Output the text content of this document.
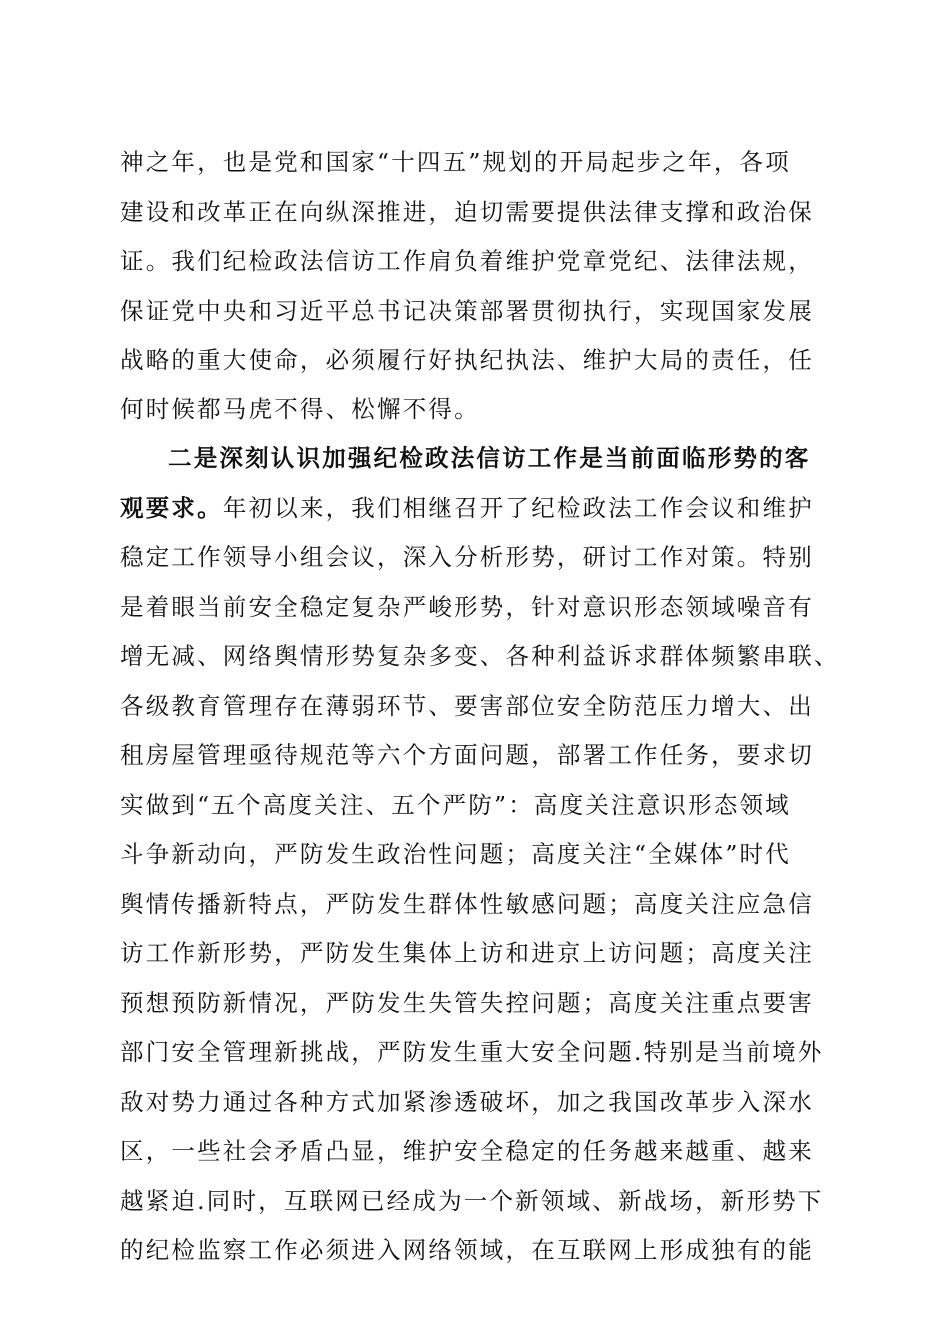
神之年，也是党和国家“十四五”规划的开局起步之年，各项
建设和改革正在向纵深推进，迫切需要提供法律支撑和政治保
证。我们纪检政法信访工作肩负着维护党章党纪、法律法规，
保证党中央和习近平总书记决策部署贯彻执行，实现国家发展
战略的重大使命，必须履行好执纪执法、维护大局的责任，任
何时候都马虎不得、松懈不得。
二是深刻认识加强纪检政法信访工作是当前面临形势的客
观要求。年初以来，我们相继召开了纪检政法工作会议和维护
稳定工作领导小组会议，深入分析形势，研讨工作对策。特别
是着眼当前安全稳定复杂严峻形势，针对意识形态领域噪音有
增无减、网络舆情形势复杂多变、各种利益诉求群体频繁串联、
各级教育管理存在薄弱环节、要害部位安全防范压力增大、出
租房屋管理亟待规范等六个方面问题，部署工作任务，要求切
实做到“五个高度关注、五个严防”：高度关注意识形态领域
斗争新动向，严防发生政治性问题；高度关注“全媒体”时代
舆情传播新特点，严防发生群体性敏感问题；高度关注应急信
访工作新形势，严防发生集体上访和进京上访问题；高度关注
预想预防新情况，严防发生失管失控问题；高度关注重点要害
部门安全管理新挑战，严防发生重大安全问题.特别是当前境外
敌对势力通过各种方式加紧渗透破坏，加之我国改革步入深水
区，一些社会矛盾凸显，维护安全稳定的任务越来越重、越来
越紧迫.同时，互联网已经成为一个新领域、新战场，新形势下
的纪检监察工作必须进入网络领域，在互联网上形成独有的能
